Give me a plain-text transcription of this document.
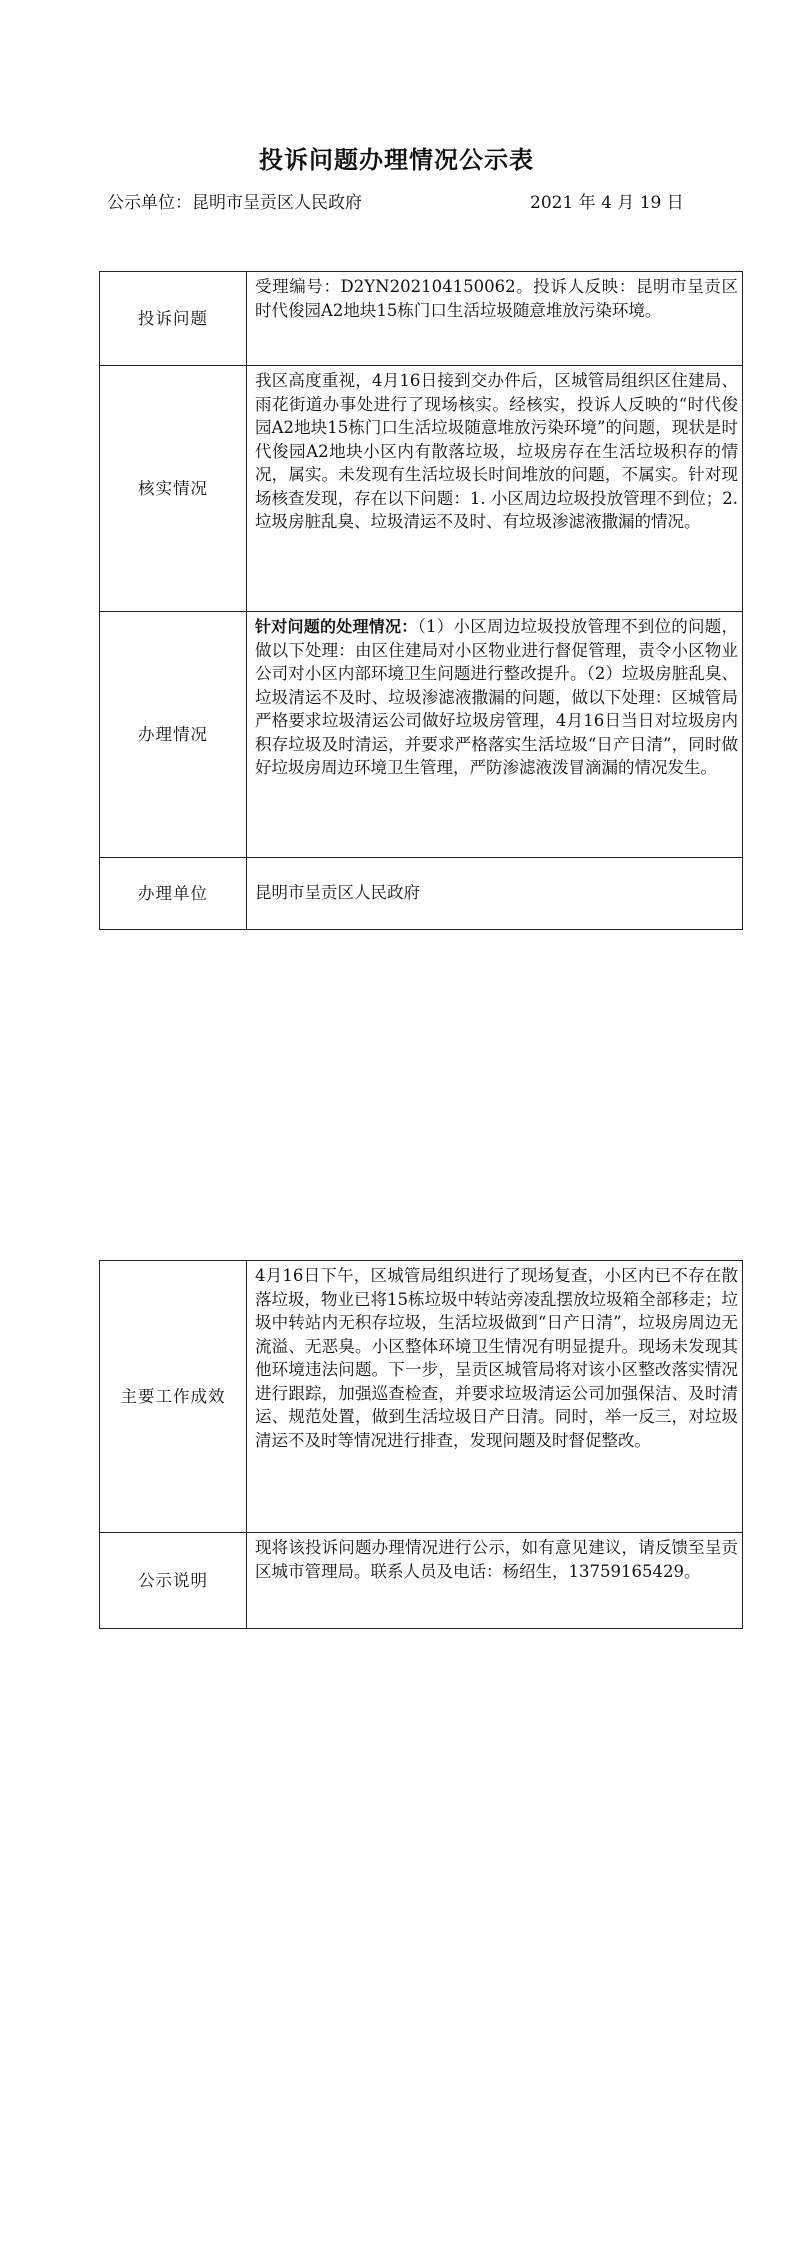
投诉问题办理情况公示表
公示单位：昆明市呈贡区人民政府	2021 年 4 月 19 日
投诉问题	受理编号：D2YN202104150062。投诉人反映：昆明市呈贡区时代俊园A2地块15栋门口生活垃圾随意堆放污染环境。
核实情况	我区高度重视，4月16日接到交办件后，区城管局组织区住建局、雨花街道办事处进行了现场核实。经核实，投诉人反映的“时代俊园A2地块15栋门口生活垃圾随意堆放污染环境”的问题，现状是时代俊园A2地块小区内有散落垃圾，垃圾房存在生活垃圾积存的情况，属实。未发现有生活垃圾长时间堆放的问题，不属实。针对现场核查发现，存在以下问题：1. 小区周边垃圾投放管理不到位；2. 垃圾房脏乱臭、垃圾清运不及时、有垃圾渗滤液撒漏的情况。
办理情况	针对问题的处理情况：（1）小区周边垃圾投放管理不到位的问题，做以下处理：由区住建局对小区物业进行督促管理，责令小区物业公司对小区内部环境卫生问题进行整改提升。（2）垃圾房脏乱臭、垃圾清运不及时、垃圾渗滤液撒漏的问题，做以下处理：区城管局严格要求垃圾清运公司做好垃圾房管理，4月16日当日对垃圾房内积存垃圾及时清运，并要求严格落实生活垃圾“日产日清”，同时做好垃圾房周边环境卫生管理，严防渗滤液泼冒滴漏的情况发生。
办理单位	昆明市呈贡区人民政府
主要工作成效	4月16日下午，区城管局组织进行了现场复查，小区内已不存在散落垃圾，物业已将15栋垃圾中转站旁凌乱摆放垃圾箱全部移走；垃圾中转站内无积存垃圾，生活垃圾做到“日产日清”，垃圾房周边无流溢、无恶臭。小区整体环境卫生情况有明显提升。现场未发现其他环境违法问题。下一步，呈贡区城管局将对该小区整改落实情况进行跟踪，加强巡查检查，并要求垃圾清运公司加强保洁、及时清运、规范处置，做到生活垃圾日产日清。同时，举一反三，对垃圾清运不及时等情况进行排查，发现问题及时督促整改。
公示说明	现将该投诉问题办理情况进行公示，如有意见建议，请反馈至呈贡区城市管理局。联系人员及电话：杨绍生，13759165429。
